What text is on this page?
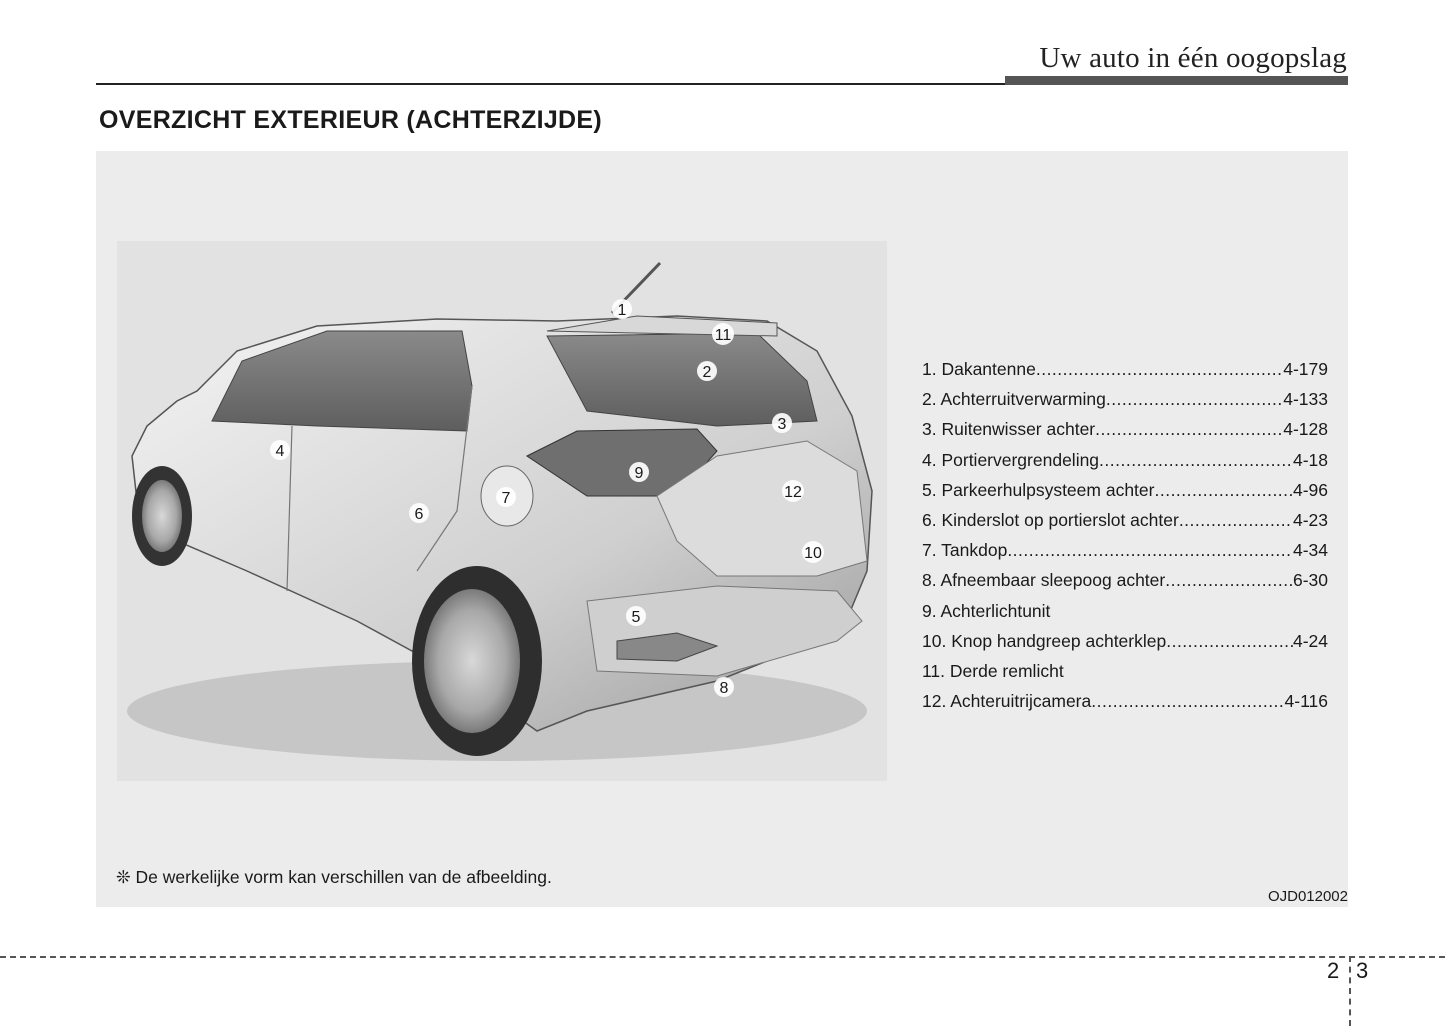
Uw auto in één oogopslag
OVERZICHT EXTERIEUR (ACHTERZIJDE)
1
2
3
4
5
6
7
8
9
10
11
12
1. Dakantenne .....	4-179
2. Achterruitverwarming .....	4-133
3. Ruitenwisser achter .....	4-128
4. Portiervergrendeling .....	4-18
5. Parkeerhulpsysteem achter .....	4-96
6. Kinderslot op portierslot achter .....	4-23
7. Tankdop .....	4-34
8. Afneembaar sleepoog achter .....	6-30
9. Achterlichtunit
10. Knop handgreep achterklep .....	4-24
11. Derde remlicht
12. Achteruitrijcamera .....	4-116
❊ De werkelijke vorm kan verschillen van de afbeelding.
OJD012002
2 3
